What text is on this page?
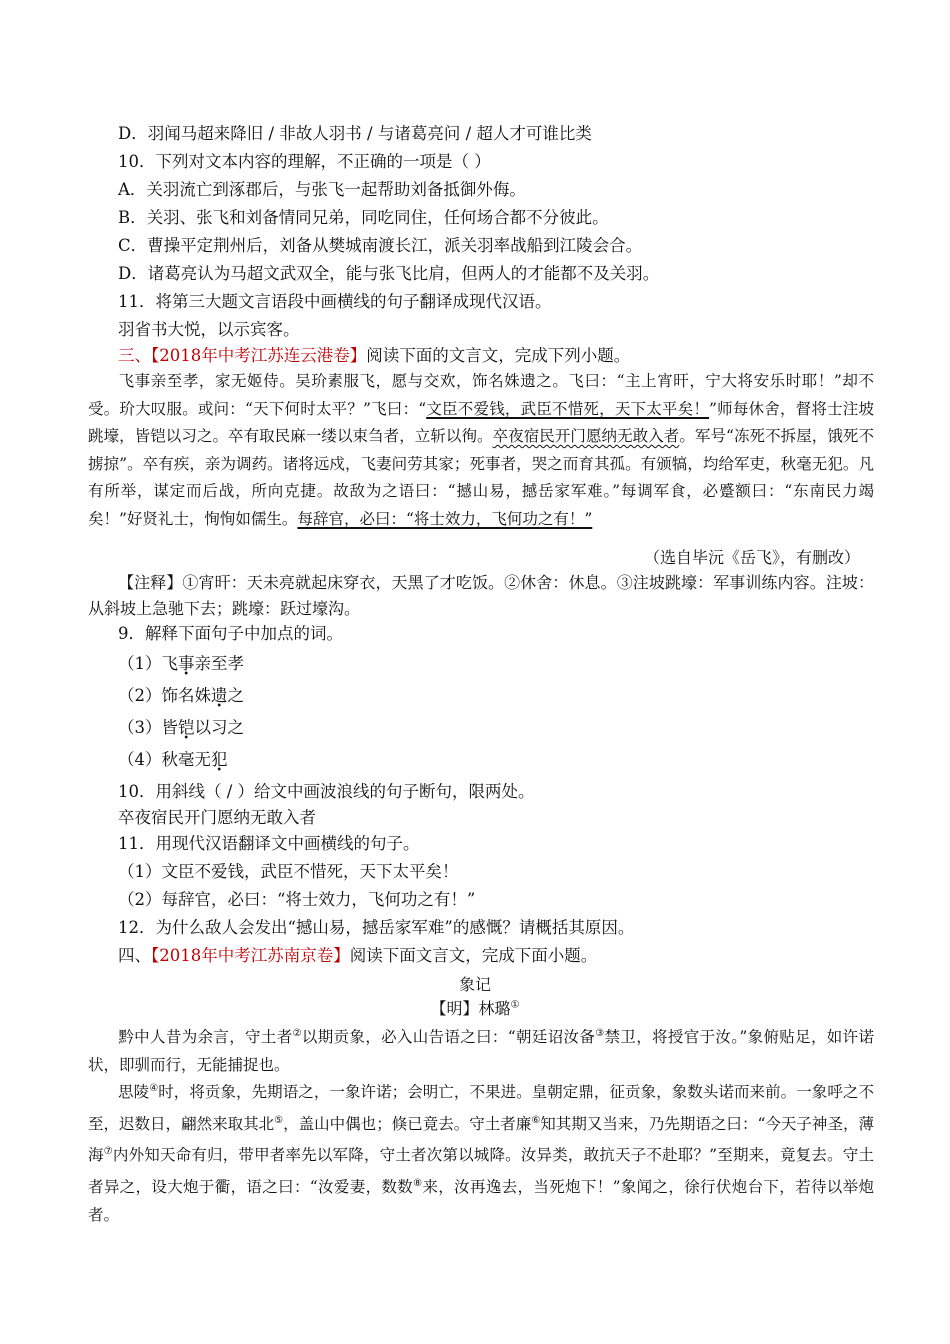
D．羽闻马超来降旧 / 非故人羽书 / 与诸葛亮问 / 超人才可谁比类
10．下列对文本内容的理解，不正确的一项是（ ）
A．关羽流亡到涿郡后，与张飞一起帮助刘备抵御外侮。
B．关羽、张飞和刘备情同兄弟，同吃同住，任何场合都不分彼此。
C．曹操平定荆州后，刘备从樊城南渡长江，派关羽率战船到江陵会合。
D．诸葛亮认为马超文武双全，能与张飞比肩，但两人的才能都不及关羽。
11．将第三大题文言语段中画横线的句子翻译成现代汉语。
羽省书大悦，以示宾客。
三、【2018年中考江苏连云港卷】阅读下面的文言文，完成下列小题。
飞事亲至孝，家无姬侍。吴玠素服飞，愿与交欢，饰名姝遗之。飞曰：“主上宵旰，宁大将安乐时耶！”却不受。玠大叹服。或问：“天下何时太平？”飞曰：“文臣不爱钱，武臣不惜死，天下太平矣！”师每休舍，督将士注坡跳壕，皆铠以习之。卒有取民麻一缕以束刍者，立斩以徇。卒夜宿民开门愿纳无敢入者。军号“冻死不拆屋，饿死不掳掠”。卒有疾，亲为调药。诸将远戍，飞妻问劳其家；死事者，哭之而育其孤。有颁犒，均给军吏，秋毫无犯。凡有所举，谋定而后战，所向克捷。故敌为之语曰：“撼山易，撼岳家军难。”每调军食，必蹙额曰：“东南民力竭矣！”好贤礼士，恂恂如儒生。每辞官，必曰：“将士效力，飞何功之有！”
（选自毕沅《岳飞》，有删改）
【注释】①宵旰：天未亮就起床穿衣，天黑了才吃饭。②休舍：休息。③注坡跳壕：军事训练内容。注坡：从斜坡上急驰下去；跳壕：跃过壕沟。
9．解释下面句子中加点的词。
（1）飞事亲至孝
（2）饰名姝遗之
（3）皆铠以习之
（4）秋毫无犯
10．用斜线（ / ）给文中画波浪线的句子断句，限两处。
卒夜宿民开门愿纳无敢入者
11．用现代汉语翻译文中画横线的句子。
（1）文臣不爱钱，武臣不惜死，天下太平矣！
（2）每辞官，必曰：“将士效力，飞何功之有！”
12．为什么敌人会发出“撼山易，撼岳家军难”的感慨？请概括其原因。
四、【2018年中考江苏南京卷】阅读下面文言文，完成下面小题。
象记
【明】林璐①
黔中人昔为余言，守土者②以期贡象，必入山告语之曰：“朝廷诏汝备③禁卫，将授官于汝。”象俯贴足，如许诺状，即驯而行，无能捕捉也。
思陵④时，将贡象，先期语之，一象许诺；会明亡，不果进。皇朝定鼎，征贡象，象数头诺而来前。一象呼之不至，迟数日，翩然来取其北⑤，盖山中偶也；倏已竟去。守土者廉⑥知其期又当来，乃先期语之曰：“今天子神圣，薄海⑦内外知天命有归，带甲者率先以军降，守土者次第以城降。汝异类，敢抗天子不赴耶？”至期来，竟复去。守土者异之，设大炮于衢，语之曰：“汝爱妻，数数⑧来，汝再逸去，当死炮下！”象闻之，徐行伏炮台下，若待以举炮者。
